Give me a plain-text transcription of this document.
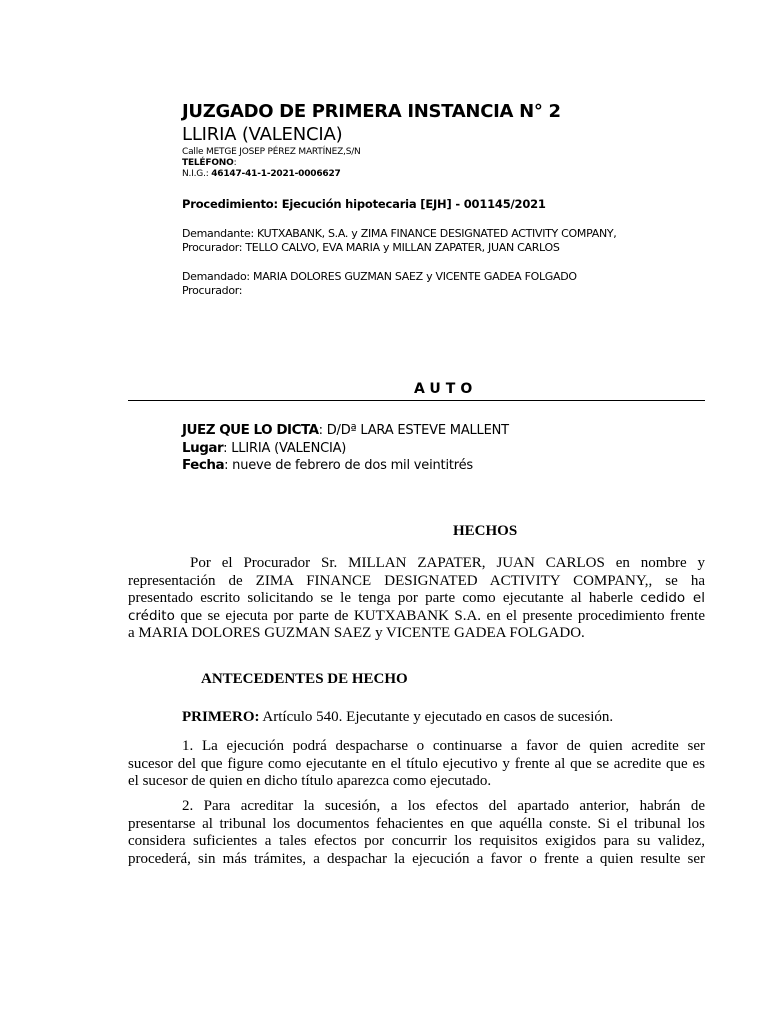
JUZGADO DE PRIMERA INSTANCIA N° 2
LLIRIA (VALENCIA)
Calle METGE JOSEP PÉREZ MARTÍNEZ,S/N
TELÉFONO:
N.I.G.: 46147-41-1-2021-0006627
Procedimiento: Ejecución hipotecaria [EJH] - 001145/2021
Demandante: KUTXABANK, S.A. y ZIMA FINANCE DESIGNATED ACTIVITY COMPANY,
Procurador: TELLO CALVO, EVA MARIA y MILLAN ZAPATER, JUAN CARLOS
Demandado: MARIA DOLORES GUZMAN SAEZ y VICENTE GADEA FOLGADO
Procurador:
AUTO
JUEZ QUE LO DICTA: D/Dª LARA ESTEVE MALLENT
Lugar: LLIRIA (VALENCIA)
Fecha: nueve de febrero de dos mil veintitrés
HECHOS
Por el Procurador Sr. MILLAN ZAPATER, JUAN CARLOS en nombre y
representación de ZIMA FINANCE DESIGNATED ACTIVITY COMPANY,, se ha
presentado escrito solicitando se le tenga por parte como ejecutante al haberle cedido el
crédito que se ejecuta por parte de KUTXABANK S.A. en el presente procedimiento frente
a MARIA DOLORES GUZMAN SAEZ y VICENTE GADEA FOLGADO.
ANTECEDENTES DE HECHO
PRIMERO: Artículo 540. Ejecutante y ejecutado en casos de sucesión.
1. La ejecución podrá despacharse o continuarse a favor de quien acredite ser
sucesor del que figure como ejecutante en el título ejecutivo y frente al que se acredite que es
el sucesor de quien en dicho título aparezca como ejecutado.
2. Para acreditar la sucesión, a los efectos del apartado anterior, habrán de
presentarse al tribunal los documentos fehacientes en que aquélla conste. Si el tribunal los
considera suficientes a tales efectos por concurrir los requisitos exigidos para su validez,
procederá, sin más trámites, a despachar la ejecución a favor o frente a quien resulte ser
